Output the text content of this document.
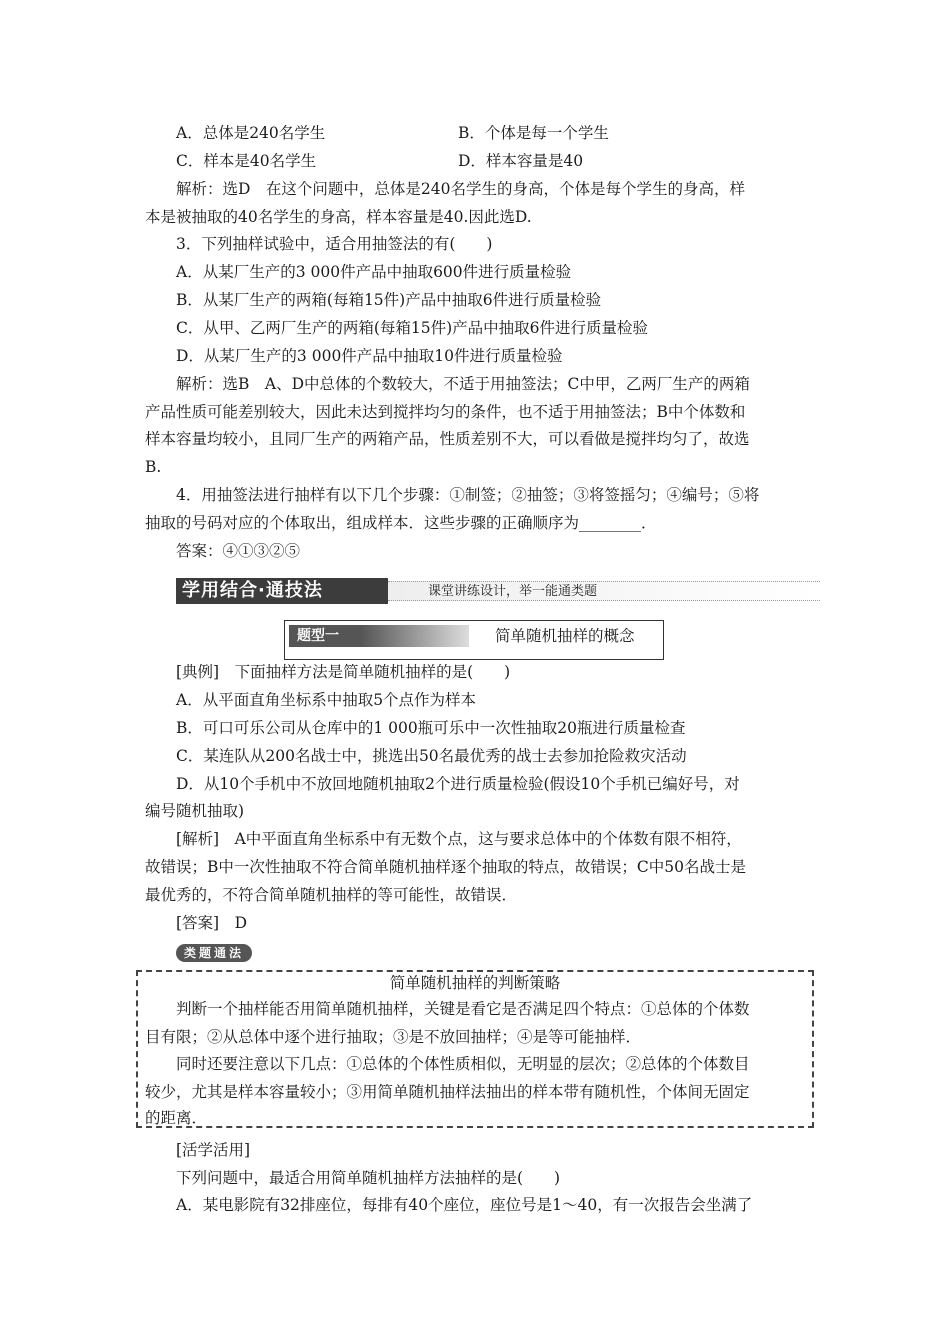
A．总体是240名学生	B．个体是每一个学生
C．样本是40名学生	D．样本容量是40
解析：选D　在这个问题中，总体是240名学生的身高，个体是每个学生的身高，样
本是被抽取的40名学生的身高，样本容量是40.因此选D.
3．下列抽样试验中，适合用抽签法的有(　　)
A．从某厂生产的3 000件产品中抽取600件进行质量检验
B．从某厂生产的两箱(每箱15件)产品中抽取6件进行质量检验
C．从甲、乙两厂生产的两箱(每箱15件)产品中抽取6件进行质量检验
D．从某厂生产的3 000件产品中抽取10件进行质量检验
解析：选B　A、D中总体的个数较大，不适于用抽签法；C中甲，乙两厂生产的两箱
产品性质可能差别较大，因此未达到搅拌均匀的条件，也不适于用抽签法；B中个体数和
样本容量均较小，且同厂生产的两箱产品，性质差别不大，可以看做是搅拌均匀了，故选
B.
4．用抽签法进行抽样有以下几个步骤：①制签；②抽签；③将签摇匀；④编号；⑤将
抽取的号码对应的个体取出，组成样本．这些步骤的正确顺序为________．
答案：④①③②⑤
学用结合·通技法	课堂讲练设计，举一能通类题
题型一	简单随机抽样的概念
[典例]　下面抽样方法是简单随机抽样的是(　　)
A．从平面直角坐标系中抽取5个点作为样本
B．可口可乐公司从仓库中的1 000瓶可乐中一次性抽取20瓶进行质量检查
C．某连队从200名战士中，挑选出50名最优秀的战士去参加抢险救灾活动
D．从10个手机中不放回地随机抽取2个进行质量检验(假设10个手机已编好号，对
编号随机抽取)
[解析]　A中平面直角坐标系中有无数个点，这与要求总体中的个体数有限不相符，
故错误；B中一次性抽取不符合简单随机抽样逐个抽取的特点，故错误；C中50名战士是
最优秀的，不符合简单随机抽样的等可能性，故错误．
[答案]　D
类题通法
简单随机抽样的判断策略
判断一个抽样能否用简单随机抽样，关键是看它是否满足四个特点：①总体的个体数
目有限；②从总体中逐个进行抽取；③是不放回抽样；④是等可能抽样．
同时还要注意以下几点：①总体的个体性质相似，无明显的层次；②总体的个体数目
较少，尤其是样本容量较小；③用简单随机抽样法抽出的样本带有随机性，个体间无固定
的距离．
[活学活用]
下列问题中，最适合用简单随机抽样方法抽样的是(　　)
A．某电影院有32排座位，每排有40个座位，座位号是1～40，有一次报告会坐满了
